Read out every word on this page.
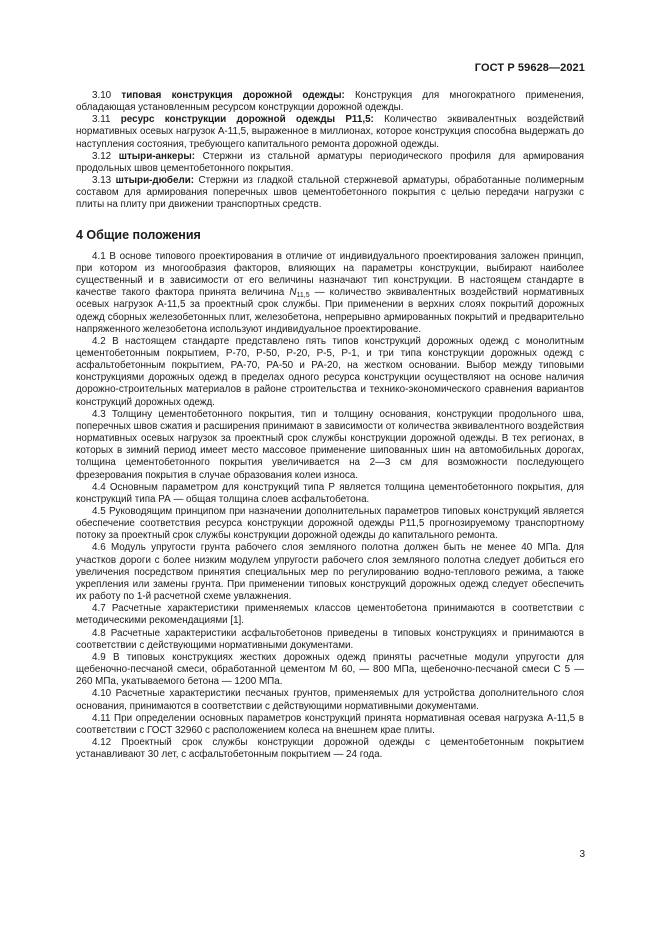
ГОСТ Р 59628—2021

3.10 типовая конструкция дорожной одежды: Конструкция для многократного применения, обладающая установленным ресурсом конструкции дорожной одежды.

3.11 ресурс конструкции дорожной одежды P11,5: Количество эквивалентных воздействий нормативных осевых нагрузок А-11,5, выраженное в миллионах, которое конструкция способна выдержать до наступления состояния, требующего капитального ремонта дорожной одежды.

3.12 штыри-анкеры: Стержни из стальной арматуры периодического профиля для армирования продольных швов цементобетонного покрытия.

3.13 штыри-дюбели: Стержни из гладкой стальной стержневой арматуры, обработанные полимерным составом для армирования поперечных швов цементобетонного покрытия с целью передачи нагрузки с плиты на плиту при движении транспортных средств.

4 Общие положения

4.1 В основе типового проектирования в отличие от индивидуального проектирования заложен принцип, при котором из многообразия факторов, влияющих на параметры конструкции, выбирают наиболее существенный и в зависимости от его величины назначают тип конструкции. В настоящем стандарте в качестве такого фактора принята величина $N_{11,5}$ — количество эквивалентных воздействий нормативных осевых нагрузок А-11,5 за проектный срок службы. При применении в верхних слоях покрытий дорожных одежд сборных железобетонных плит, железобетона, непрерывно армированных покрытий и предварительно напряженного железобетона используют индивидуальное проектирование.

4.2 В настоящем стандарте представлено пять типов конструкций дорожных одежд с монолитным цементобетонным покрытием, Р-70, Р-50, Р-20, Р-5, Р-1, и три типа конструкции дорожных одежд с асфальтобетонным покрытием, РА-70, РА-50 и РА-20, на жестком основании. Выбор между типовыми конструкциями дорожных одежд в пределах одного ресурса конструкции осуществляют на основе наличия дорожно-строительных материалов в районе строительства и технико-экономического сравнения вариантов конструкций дорожных одежд.

4.3 Толщину цементобетонного покрытия, тип и толщину основания, конструкции продольного шва, поперечных швов сжатия и расширения принимают в зависимости от количества эквивалентного воздействия нормативных осевых нагрузок за проектный срок службы конструкции дорожной одежды. В тех регионах, в которых в зимний период имеет место массовое применение шипованных шин на автомобильных дорогах, толщина цементобетонного покрытия увеличивается на 2—3 см для возможности последующего фрезерования покрытия в случае образования колеи износа.

4.4 Основным параметром для конструкций типа Р является толщина цементобетонного покрытия, для конструкций типа РА — общая толщина слоев асфальтобетона.

4.5 Руководящим принципом при назначении дополнительных параметров типовых конструкций является обеспечение соответствия ресурса конструкции дорожной одежды Р11,5 прогнозируемому транспортному потоку за проектный срок службы конструкции дорожной одежды до капитального ремонта.

4.6 Модуль упругости грунта рабочего слоя земляного полотна должен быть не менее 40 МПа. Для участков дороги с более низким модулем упругости рабочего слоя земляного полотна следует добиться его увеличения посредством принятия специальных мер по регулированию водно-теплового режима, а также укрепления или замены грунта. При применении типовых конструкций дорожных одежд следует обеспечить их работу по 1-й расчетной схеме увлажнения.

4.7 Расчетные характеристики применяемых классов цементобетона принимаются в соответствии с методическими рекомендациями [1].

4.8 Расчетные характеристики асфальтобетонов приведены в типовых конструкциях и принимаются в соответствии с действующими нормативными документами.

4.9 В типовых конструкциях жестких дорожных одежд приняты расчетные модули упругости для щебеночно-песчаной смеси, обработанной цементом М 60, — 800 МПа, щебеночно-песчаной смеси С 5 — 260 МПа, укатываемого бетона — 1200 МПа.

4.10 Расчетные характеристики песчаных грунтов, применяемых для устройства дополнительного слоя основания, принимаются в соответствии с действующими нормативными документами.

4.11 При определении основных параметров конструкций принята нормативная осевая нагрузка А-11,5 в соответствии с ГОСТ 32960 с расположением колеса на внешнем крае плиты.

4.12 Проектный срок службы конструкции дорожной одежды с цементобетонным покрытием устанавливают 30 лет, с асфальтобетонным покрытием — 24 года.

3
